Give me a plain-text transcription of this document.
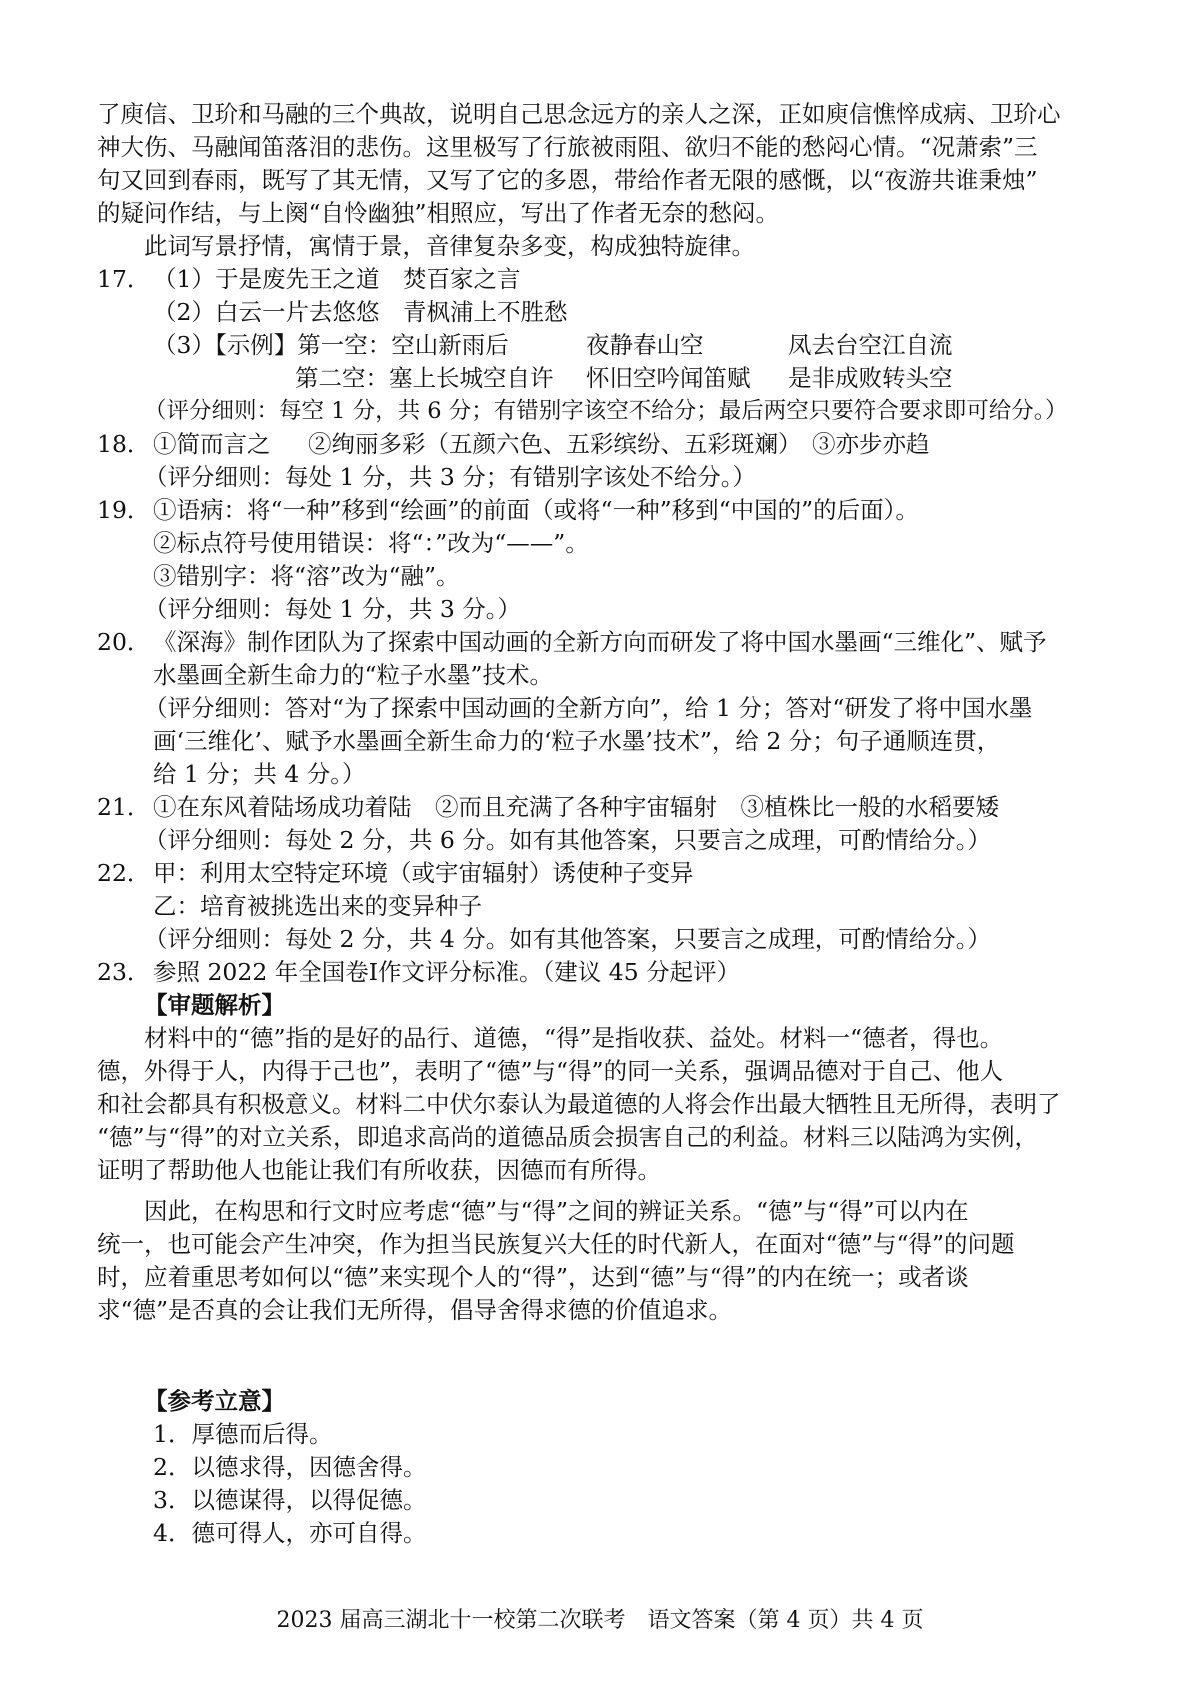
了庾信、卫玠和马融的三个典故，说明自己思念远方的亲人之深，正如庾信憔悴成病、卫玠心
神大伤、马融闻笛落泪的悲伤。这里极写了行旅被雨阻、欲归不能的愁闷心情。“况萧索”三
句又回到春雨，既写了其无情，又写了它的多恩，带给作者无限的感慨，以“夜游共谁秉烛”
的疑问作结，与上阕“自怜幽独”相照应，写出了作者无奈的愁闷。
此词写景抒情，寓情于景，音律复杂多变，构成独特旋律。
17． （1）于是废先王之道　焚百家之言
（2）白云一片去悠悠　青枫浦上不胜愁
（3）【示例】第一空：空山新雨后	夜静春山空	凤去台空江自流
第二空：塞上长城空自许 怀旧空吟闻笛赋 是非成败转头空
（评分细则：每空 1 分，共 6 分；有错别字该空不给分；最后两空只要符合要求即可给分。）
18． ①简而言之 ②绚丽多彩（五颜六色、五彩缤纷、五彩斑斓） ③亦步亦趋
（评分细则：每处 1 分，共 3 分；有错别字该处不给分。）
19． ①语病：将“一种”移到“绘画”的前面（或将“一种”移到“中国的”的后面）。
②标点符号使用错误：将“：”改为“——”。
③错别字：将“溶”改为“融”。
（评分细则：每处 1 分，共 3 分。）
20． 《深海》制作团队为了探索中国动画的全新方向而研发了将中国水墨画“三维化”、赋予
水墨画全新生命力的“粒子水墨”技术。
（评分细则：答对“为了探索中国动画的全新方向”，给 1 分；答对“研发了将中国水墨
画‘三维化’、赋予水墨画全新生命力的‘粒子水墨’技术”，给 2 分；句子通顺连贯，
给 1 分；共 4 分。）
21． ①在东风着陆场成功着陆　②而且充满了各种宇宙辐射　③植株比一般的水稻要矮
（评分细则：每处 2 分，共 6 分。如有其他答案，只要言之成理，可酌情给分。）
22． 甲：利用太空特定环境（或宇宙辐射）诱使种子变异
乙：培育被挑选出来的变异种子
（评分细则：每处 2 分，共 4 分。如有其他答案，只要言之成理，可酌情给分。）
23． 参照 2022 年全国卷Ⅰ作文评分标准。（建议 45 分起评）
【审题解析】
材料中的“德”指的是好的品行、道德，“得”是指收获、益处。材料一“德者，得也。
德，外得于人，内得于己也”，表明了“德”与“得”的同一关系，强调品德对于自己、他人
和社会都具有积极意义。材料二中伏尔泰认为最道德的人将会作出最大牺牲且无所得，表明了
“德”与“得”的对立关系，即追求高尚的道德品质会损害自己的利益。材料三以陆鸿为实例，
证明了帮助他人也能让我们有所收获，因德而有所得。
因此，在构思和行文时应考虑“德”与“得”之间的辨证关系。“德”与“得”可以内在
统一，也可能会产生冲突，作为担当民族复兴大任的时代新人，在面对“德”与“得”的问题
时，应着重思考如何以“德”来实现个人的“得”，达到“德”与“得”的内在统一；或者谈
求“德”是否真的会让我们无所得，倡导舍得求德的价值追求。
【参考立意】
1．厚德而后得。
2．以德求得，因德舍得。
3．以德谋得，以得促德。
4．德可得人，亦可自得。
2023 届高三湖北十一校第二次联考　语文答案（第 4 页）共 4 页
